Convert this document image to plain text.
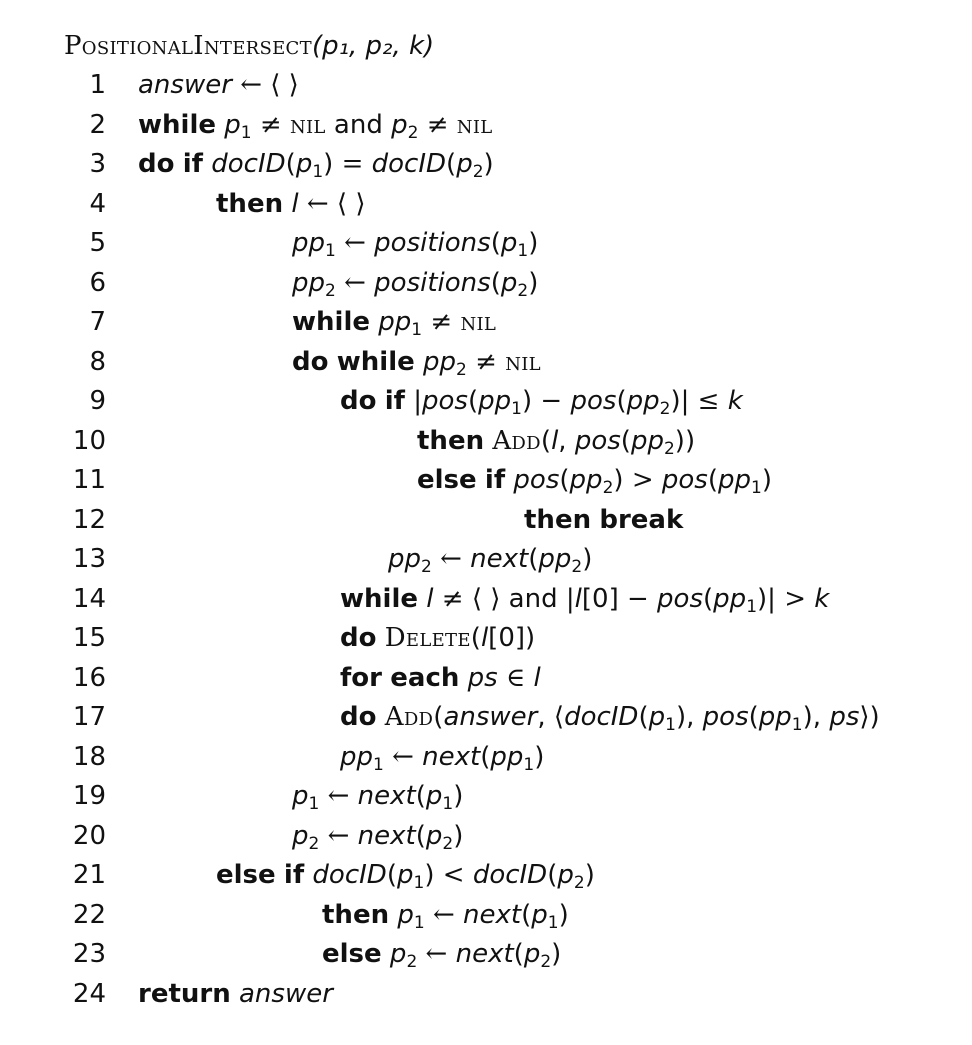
PositionalIntersect(p₁, p₂, k)
1 answer ← ⟨ ⟩
2 while $p_1$ ≠ nil and $p_2$ ≠ nil
3 do if $docID(p_1)$ = $docID(p_2)$
4	then l ← ⟨ ⟩
5	$pp_1$ ← $positions(p_1)$
6	$pp_2$ ← $positions(p_2)$
7	while $pp_1$ ≠ nil
8	do while $pp_2$ ≠ nil
9	do if $|pos(pp_1) - pos(pp_2)| \le k$
10	then Add(l, $pos(pp_2)$)
11	else if $pos(pp_2) > pos(pp_1)$
12	then break
13	$pp_2$ ← $next(pp_2)$
14	while l ≠ ⟨ ⟩ and $|l[0] - pos(pp_1)| > k$
15	do Delete(l[0])
16	for each ps ∈ l
17	do Add(answer, $⟨docID(p_1)$, $pos(pp_1)$, ps⟩)
18	$pp_1$ ← $next(pp_1)$
19	$p_1$ ← $next(p_1)$
20	$p_2$ ← $next(p_2)$
21	else if $docID(p_1)$ < $docID(p_2)$
22	then $p_1$ ← $next(p_1)$
23	else $p_2$ ← $next(p_2)$
24 return answer
